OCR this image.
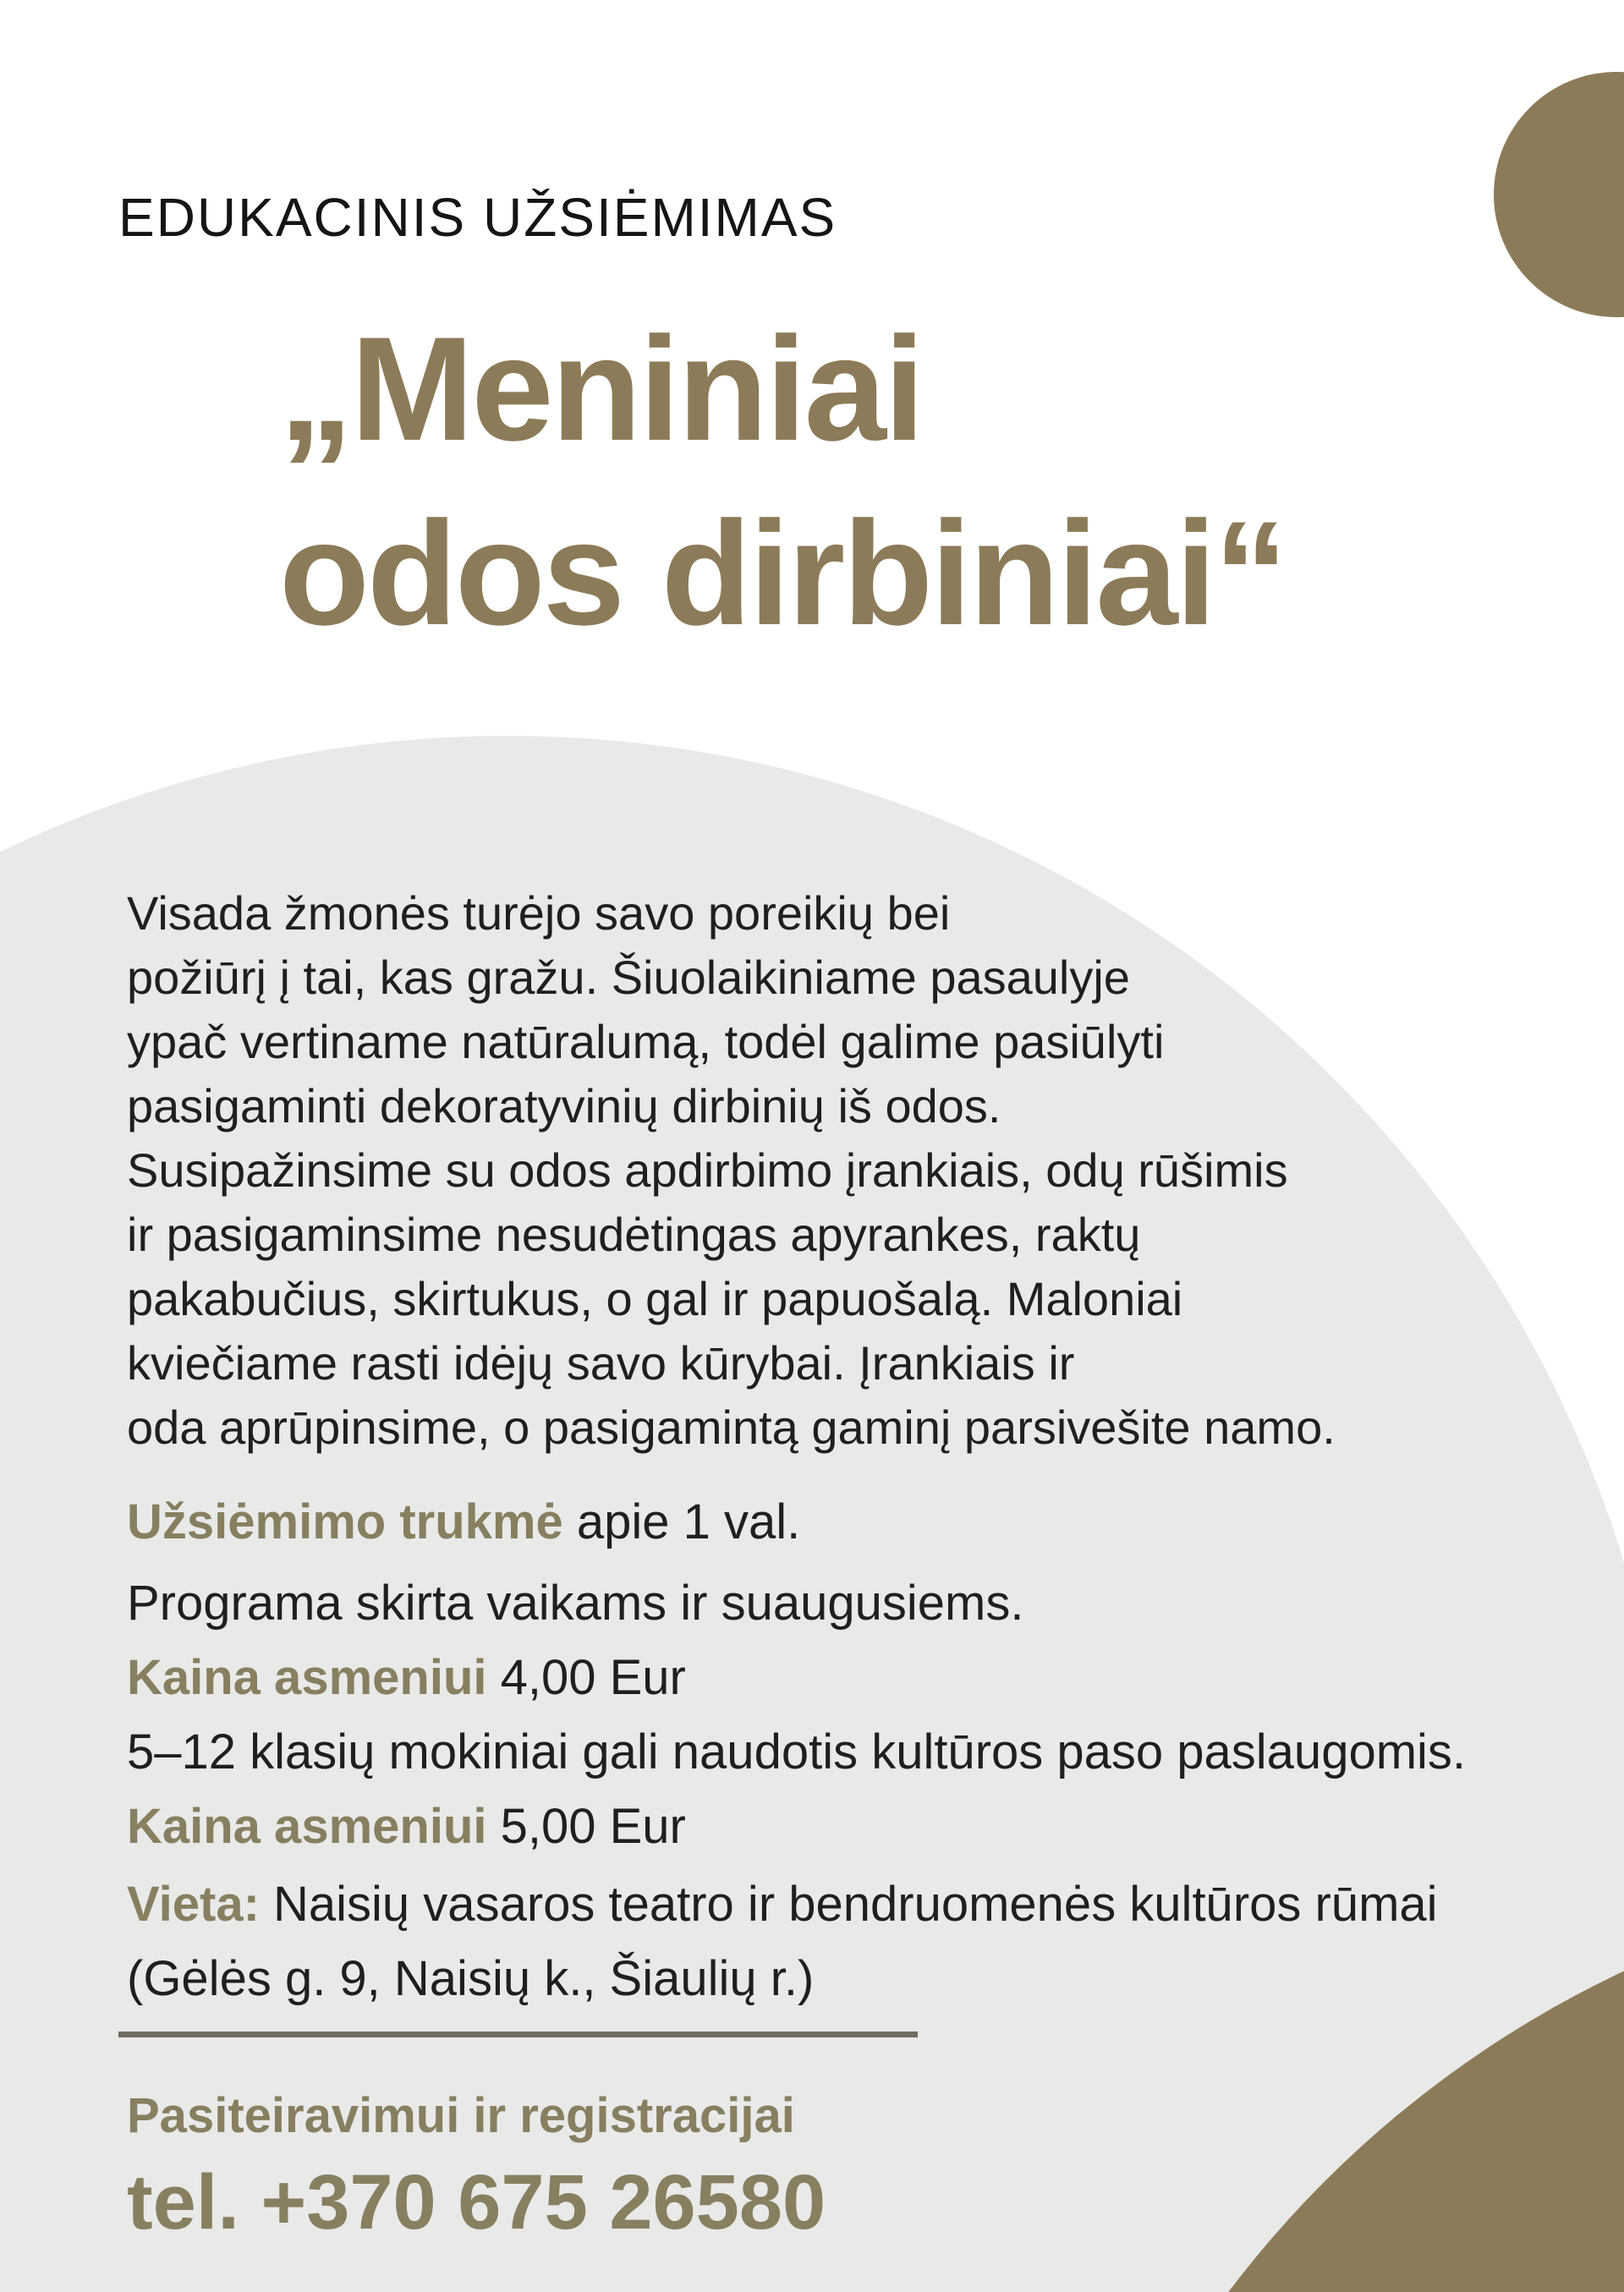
EDUKACINIS UŽSIĖMIMAS
„Meniniai
odos dirbiniai“
Visada žmonės turėjo savo poreikių bei
požiūrį į tai, kas gražu. Šiuolaikiniame pasaulyje
ypač vertiname natūralumą, todėl galime pasiūlyti
pasigaminti dekoratyvinių dirbinių iš odos.
Susipažinsime su odos apdirbimo įrankiais, odų rūšimis
ir pasigaminsime nesudėtingas apyrankes, raktų
pakabučius, skirtukus, o gal ir papuošalą. Maloniai
kviečiame rasti idėjų savo kūrybai. Įrankiais ir
oda aprūpinsime, o pasigamintą gaminį parsivešite namo.
Užsiėmimo trukmė apie 1 val.
Programa skirta vaikams ir suaugusiems.
Kaina asmeniui 4,00 Eur
5–12 klasių mokiniai gali naudotis kultūros paso paslaugomis.
Kaina asmeniui 5,00 Eur
Vieta: Naisių vasaros teatro ir bendruomenės kultūros rūmai
(Gėlės g. 9, Naisių k., Šiaulių r.)
Pasiteiravimui ir registracijai
tel. +370 675 26580
